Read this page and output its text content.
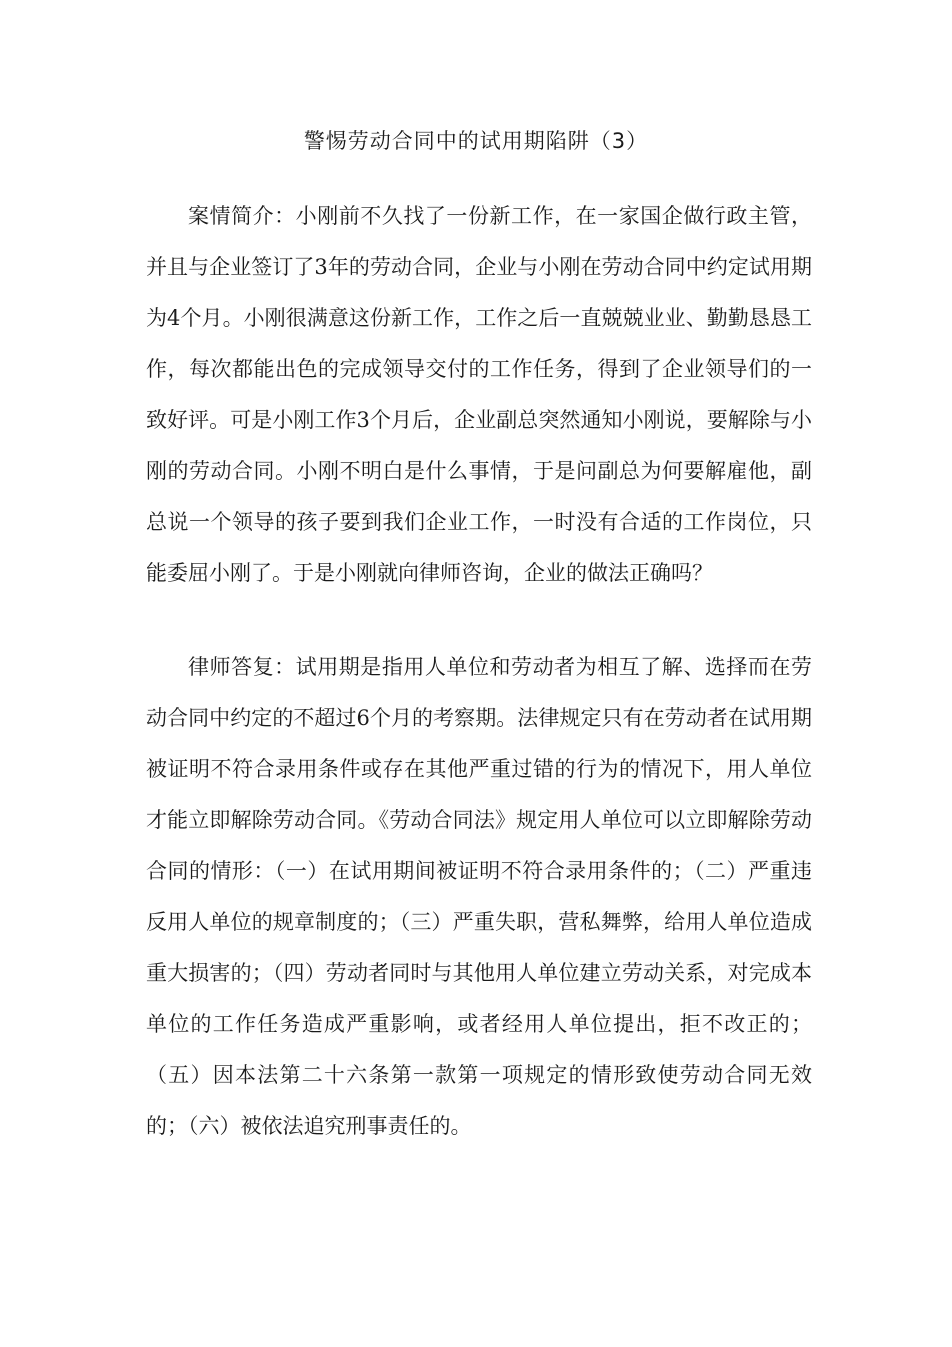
警惕劳动合同中的试用期陷阱（3）

案情简介：小刚前不久找了一份新工作，在一家国企做行政主管，并且与企业签订了3年的劳动合同，企业与小刚在劳动合同中约定试用期为4个月。小刚很满意这份新工作，工作之后一直兢兢业业、勤勤恳恳工作，每次都能出色的完成领导交付的工作任务，得到了企业领导们的一致好评。可是小刚工作3个月后，企业副总突然通知小刚说，要解除与小刚的劳动合同。小刚不明白是什么事情，于是问副总为何要解雇他，副总说一个领导的孩子要到我们企业工作，一时没有合适的工作岗位，只能委屈小刚了。于是小刚就向律师咨询，企业的做法正确吗？

律师答复：试用期是指用人单位和劳动者为相互了解、选择而在劳动合同中约定的不超过6个月的考察期。法律规定只有在劳动者在试用期被证明不符合录用条件或存在其他严重过错的行为的情况下，用人单位才能立即解除劳动合同。《劳动合同法》规定用人单位可以立即解除劳动合同的情形：（一）在试用期间被证明不符合录用条件的；（二）严重违反用人单位的规章制度的；（三）严重失职，营私舞弊，给用人单位造成重大损害的；（四）劳动者同时与其他用人单位建立劳动关系，对完成本单位的工作任务造成严重影响，或者经用人单位提出，拒不改正的；（五）因本法第二十六条第一款第一项规定的情形致使劳动合同无效的；（六）被依法追究刑事责任的。
